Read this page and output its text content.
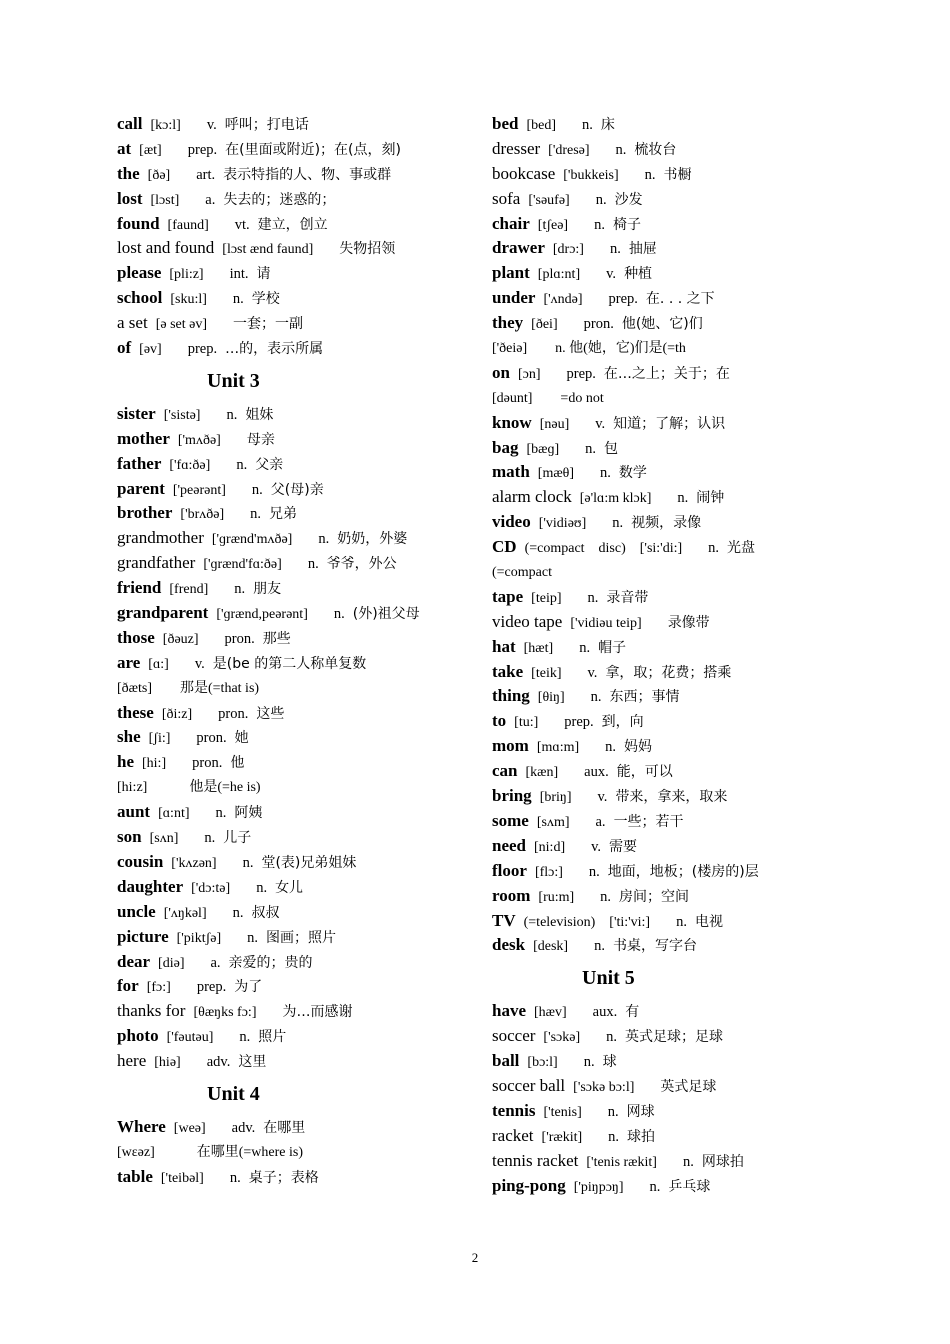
call [kɔ:l] v. 呼叫；打电话
at [æt] prep. 在(里面或附近)；在(点，刻)
the [ðə] art. 表示特指的人、物、事或群
lost [lɔst] a. 失去的；迷惑的；
found [faund] vt. 建立，创立
lost and found [lɔst ænd faund] 失物招领
please [pli:z] int. 请
school [sku:l] n. 学校
a set [ə set əv] 一套；一副
of [əv] prep. …的，表示所属
Unit 3
sister ['sistə] n. 姐妹
mother ['mʌðə] 母亲
father ['fɑ:ðə] n. 父亲
parent ['peərənt] n. 父(母)亲
brother ['brʌðə] n. 兄弟
grandmother ['ɡrænd'mʌðə] n. 奶奶，外婆
grandfather ['ɡrænd'fɑ:ðə] n. 爷爷，外公
friend [frend] n. 朋友
grandparent ['ɡrænd,peərənt] n. (外)祖父母
those [ðəuz] pron. 那些
are [ɑ:] v. 是(be 的第二人称单复数
[ðæts]　　那是(=that is)
these [ði:z] pron. 这些
she [ʃi:] pron. 她
he [hi:] pron. 他
[hi:z]　　　他是(=he is)
aunt [ɑ:nt] n. 阿姨
son [sʌn] n. 儿子
cousin ['kʌzən] n. 堂(表)兄弟姐妹
daughter ['dɔ:tə] n. 女儿
uncle ['ʌŋkəl] n. 叔叔
picture ['piktʃə] n. 图画；照片
dear [diə] a. 亲爱的；贵的
for [fɔ:] prep. 为了
thanks for [θæŋks fɔ:] 为…而感谢
photo ['fəutəu] n. 照片
here [hiə] adv. 这里
Unit 4
Where [weə] adv. 在哪里
[wεəz]　　　在哪里(=where is)
table ['teibəl] n. 桌子；表格
bed [bed] n. 床
dresser ['dresə] n. 梳妆台
bookcase ['bukkeis] n. 书橱
sofa ['səufə] n. 沙发
chair [tʃeə] n. 椅子
drawer [drɔ:] n. 抽屉
plant [plɑ:nt] v. 种植
under ['ʌndə] prep. 在. . . 之下
they [ðei] pron. 他(她、它)们
['ðeiə]　　n. 他(她，它)们是(=th
on [ɔn] prep. 在…之上；关于；在
[dəunt]　　=do not
know [nəu] v. 知道；了解；认识
bag [bæɡ] n. 包
math [mæθ] n. 数学
alarm clock [ə'lɑ:m klɔk] n. 闹钟
video ['vidiəʊ] n. 视频，录像
CD (=compact　disc)　['si:'di:] n. 光盘
(=compact
tape [teip] n. 录音带
video tape ['vidiəu teip] 录像带
hat [hæt] n. 帽子
take [teik] v. 拿，取；花费；搭乘
thing [θiŋ] n. 东西；事情
to [tu:] prep. 到，向
mom [mɑ:m] n. 妈妈
can [kæn] aux. 能，可以
bring [briŋ] v. 带来，拿来，取来
some [sʌm] a. 一些；若干
need [ni:d] v. 需要
floor [flɔ:] n. 地面，地板；(楼房的)层
room [ru:m] n. 房间；空间
TV (=television)　['ti:'vi:] n. 电视
desk [desk] n. 书桌，写字台
Unit 5
have [hæv] aux. 有
soccer ['sɔkə] n. 英式足球；足球
ball [bɔ:l] n. 球
soccer ball ['sɔkə bɔ:l] 英式足球
tennis ['tenis] n. 网球
racket ['rækit] n. 球拍
tennis racket ['tenis rækit] n. 网球拍
ping-pong ['piŋpɔŋ] n. 乒乓球
2
